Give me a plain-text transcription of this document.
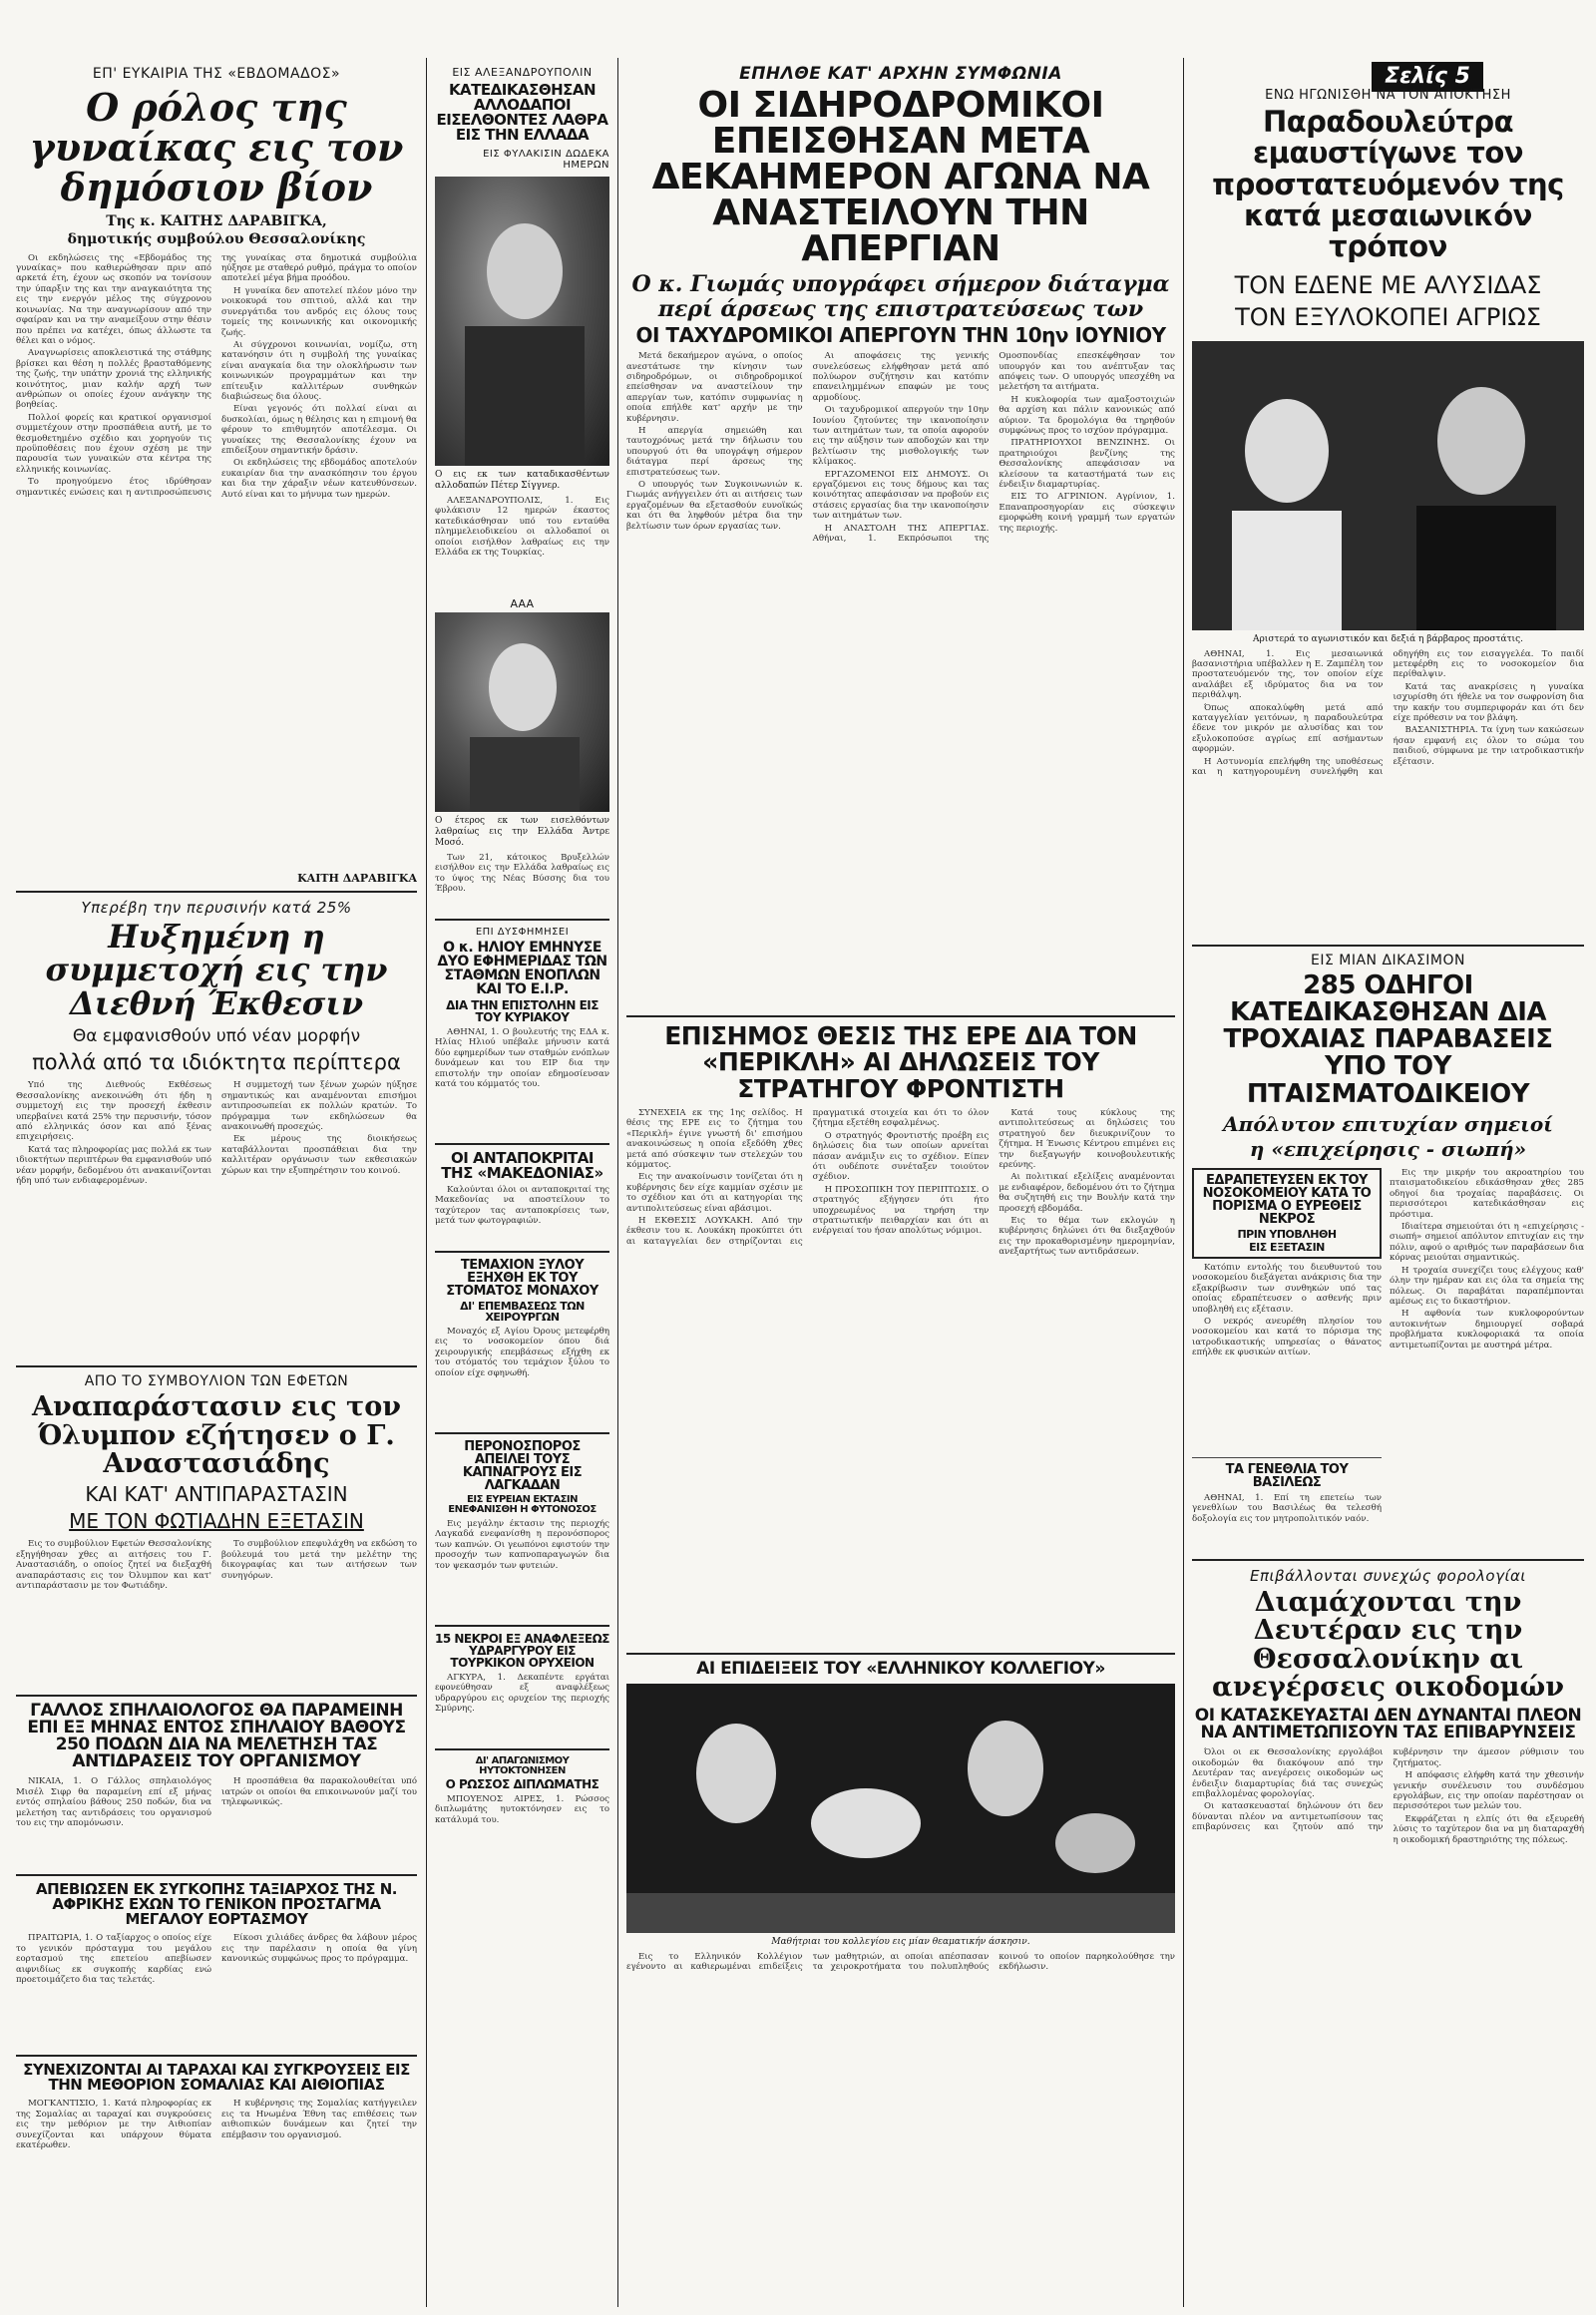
Σελίς 5
ΕΠ' ΕΥΚΑΙΡΙΑ ΤΗΣ «ΕΒΔΟΜΑΔΟΣ»
Ο ρόλος της γυναίκας εις τον δημόσιον βίον
Της κ. ΚΑΙΤΗΣ ΔΑΡΑΒΙΓΚΑ,
δημοτικής συμβούλου Θεσσαλονίκης

Οι εκδηλώσεις της «Εβδομάδος της γυναίκας» που καθιερώθησαν πριν από αρκετά έτη, έχουν ως σκοπόν να τονίσουν την ύπαρξιν της και την αναγκαιότητα της εις την ενεργόν μέλος της σύγχρονου κοινωνίας. Να την αναγνωρίσουν από την σφαίραν και να την αναμείξουν στην θέσιν που πρέπει να κατέχει, όπως άλλωστε τα θέλει και ο νόμος.

Αναγνωρίσεις αποκλειστικά της στάθμης βρίσκει και θέση η πολλές βρασταθόμενης της ζωής, την υπάτην χρονιά της ελληνικής κοινότητος, μιαν καλήν αρχή των ανθρώπων οι οποίες έχουν ανάγκην της βοηθείας.

Πολλοί φορείς και κρατικοί οργανισμοί συμμετέχουν στην προσπάθεια αυτή, με το θεσμοθετημένο σχέδιο και χορηγούν τις προϋποθέσεις που έχουν σχέση με την παρουσία των γυναικών στα κέντρα της ελληνικής κοινωνίας.

Το προηγούμενο έτος ιδρύθησαν σημαντικές ενώσεις και η αντιπροσώπευσις της γυναίκας στα δημοτικά συμβούλια ηύξησε με σταθερό ρυθμό, πράγμα το οποίον αποτελεί μέγα βήμα προόδου.

Η γυναίκα δεν αποτελεί πλέον μόνο την νοικοκυρά του σπιτιού, αλλά και την συνεργάτιδα του ανδρός εις όλους τους τομείς της κοινωνικής και οικονομικής ζωής.

Αι σύγχρονοι κοινωνίαι, νομίζω, στη κατανόησιν ότι η συμβολή της γυναίκας είναι αναγκαία δια την ολοκλήρωσιν των κοινωνικών προγραμμάτων και την επίτευξιν καλλιτέρων συνθηκών διαβιώσεως δια όλους.

Είναι γεγονός ότι πολλαί είναι αι δυσκολίαι, όμως η θέλησις και η επιμονή θα φέρουν το επιθυμητόν αποτέλεσμα. Οι γυναίκες της Θεσσαλονίκης έχουν να επιδείξουν σημαντικήν δράσιν.

Οι εκδηλώσεις της εβδομάδος αποτελούν ευκαιρίαν δια την ανασκόπησιν του έργου και δια την χάραξιν νέων κατευθύνσεων. Αυτό είναι και το μήνυμα των ημερών.

ΚΑΙΤΗ ΔΑΡΑΒΙΓΚΑ
Υπερέβη την περυσινήν κατά 25%
Ηυξημένη η συμμετοχή εις την Διεθνή Έκθεσιν
Θα εμφανισθούν υπό νέαν μορφήν
πολλά από τα ιδιόκτητα περίπτερα

Υπό της Διεθνούς Εκθέσεως Θεσσαλονίκης ανεκοινώθη ότι ήδη η συμμετοχή εις την προσεχή έκθεσιν υπερβαίνει κατά 25% την περυσινήν, τόσον από ελληνικάς όσον και από ξένας επιχειρήσεις.

Κατά τας πληροφορίας μας πολλά εκ των ιδιοκτήτων περιπτέρων θα εμφανισθούν υπό νέαν μορφήν, δεδομένου ότι ανακαινίζονται ήδη υπό των ενδιαφερομένων.

Η συμμετοχή των ξένων χωρών ηύξησε σημαντικώς και αναμένονται επισήμοι αντιπροσωπείαι εκ πολλών κρατών. Το πρόγραμμα των εκδηλώσεων θα ανακοινωθή προσεχώς.

Εκ μέρους της διοικήσεως καταβάλλονται προσπάθειαι δια την καλλιτέραν οργάνωσιν των εκθεσιακών χώρων και την εξυπηρέτησιν του κοινού.

ΑΠΟ ΤΟ ΣΥΜΒΟΥΛΙΟΝ ΤΩΝ ΕΦΕΤΩΝ
Αναπαράστασιν εις τον Όλυμπον εζήτησεν ο Γ. Αναστασιάδης
ΚΑΙ ΚΑΤ' ΑΝΤΙΠΑΡΑΣΤΑΣΙΝ
ΜΕ ΤΟΝ ΦΩΤΙΑΔΗΝ ΕΞΕΤΑΣΙΝ

Εις το συμβούλιον Εφετών Θεσσαλονίκης εξηγήθησαν χθες αι αιτήσεις του Γ. Αναστασιάδη, ο οποίος ζητεί να διεξαχθή αναπαράστασις εις τον Όλυμπον και κατ' αντιπαράστασιν με τον Φωτιάδην.

Το συμβούλιον επεφυλάχθη να εκδώση το βούλευμά του μετά την μελέτην της δικογραφίας και των αιτήσεων των συνηγόρων.

ΓΑΛΛΟΣ ΣΠΗΛΑΙΟΛΟΓΟΣ ΘΑ ΠΑΡΑΜΕΙΝΗ ΕΠΙ ΕΞ ΜΗΝΑΣ ΕΝΤΟΣ ΣΠΗΛΑΙΟΥ ΒΑΘΟΥΣ 250 ΠΟΔΩΝ ΔΙΑ ΝΑ ΜΕΛΕΤΗΣΗ ΤΑΣ ΑΝΤΙΔΡΑΣΕΙΣ ΤΟΥ ΟΡΓΑΝΙΣΜΟΥ

ΝΙΚΑΙΑ, 1. Ο Γάλλος σπηλαιολόγος Μισέλ Σιφρ θα παραμείνη επί εξ μήνας εντός σπηλαίου βάθους 250 ποδών, δια να μελετήση τας αντιδράσεις του οργανισμού του εις την απομόνωσιν.

Η προσπάθεια θα παρακολουθείται υπό ιατρών οι οποίοι θα επικοινωνούν μαζί του τηλεφωνικώς.

ΑΠΕΒΙΩΣΕΝ ΕΚ ΣΥΓΚΟΠΗΣ ΤΑΞΙΑΡΧΟΣ ΤΗΣ Ν. ΑΦΡΙΚΗΣ ΕΧΩΝ ΤΟ ΓΕΝΙΚΟΝ ΠΡΟΣΤΑΓΜΑ ΜΕΓΑΛΟΥ ΕΟΡΤΑΣΜΟΥ

ΠΡΑΙΤΩΡΙΑ, 1. Ο ταξίαρχος ο οποίος είχε το γενικόν πρόσταγμα του μεγάλου εορτασμού της επετείου απεβίωσεν αιφνιδίως εκ συγκοπής καρδίας ενώ προετοιμάζετο δια τας τελετάς.

Είκοσι χιλιάδες άνδρες θα λάβουν μέρος εις την παρέλασιν η οποία θα γίνη κανονικώς συμφώνως προς το πρόγραμμα.

ΣΥΝΕΧΙΖΟΝΤΑΙ ΑΙ ΤΑΡΑΧΑΙ ΚΑΙ ΣΥΓΚΡΟΥΣΕΙΣ ΕΙΣ ΤΗΝ ΜΕΘΟΡΙΟΝ ΣΟΜΑΛΙΑΣ ΚΑΙ ΑΙΘΙΟΠΙΑΣ

ΜΟΓΚΑΝΤΙΣΙΟ, 1. Κατά πληροφορίας εκ της Σομαλίας αι ταραχαί και συγκρούσεις εις την μεθόριον με την Αιθιοπίαν συνεχίζονται και υπάρχουν θύματα εκατέρωθεν.

Η κυβέρνησις της Σομαλίας κατήγγειλεν εις τα Ηνωμένα Έθνη τας επιθέσεις των αιθιοπικών δυνάμεων και ζητεί την επέμβασιν του οργανισμού.

ΕΙΣ ΑΛΕΞΑΝΔΡΟΥΠΟΛΙΝ
ΚΑΤΕΔΙΚΑΣΘΗΣΑΝ ΑΛΛΟΔΑΠΟΙ ΕΙΣΕΛΘΟΝΤΕΣ ΛΑΘΡΑ ΕΙΣ ΤΗΝ ΕΛΛΑΔΑ
ΕΙΣ ΦΥΛΑΚΙΣΙΝ ΔΩΔΕΚΑ ΗΜΕΡΩΝ
Ο εις εκ των καταδικασθέντων αλλοδαπών Πέτερ Σίγγνερ.

ΑΛΕΞΑΝΔΡΟΥΠΟΛΙΣ, 1. Εις φυλάκισιν 12 ημερών έκαστος κατεδικάσθησαν υπό του ενταύθα πλημμελειοδικείου οι αλλοδαποί οι οποίοι εισήλθον λαθραίως εις την Ελλάδα εκ της Τουρκίας.

ΑΑΑ
Ο έτερος εκ των εισελθόντων λαθραίως εις την Ελλάδα Άντρε Μοσό.

Των 21, κάτοικος Βρυξελλών εισήλθον εις την Ελλάδα λαθραίως εις το ύψος της Νέας Βύσσης δια του Έβρου.

ΕΠΙ ΔΥΣΦΗΜΗΣΕΙ
Ο κ. ΗΛΙΟΥ ΕΜΗΝΥΣΕ ΔΥΟ ΕΦΗΜΕΡΙΔΑΣ ΤΩΝ ΣΤΑΘΜΩΝ ΕΝΟΠΛΩΝ ΚΑΙ ΤΟ Ε.Ι.Ρ.
ΔΙΑ ΤΗΝ ΕΠΙΣΤΟΛΗΝ ΕΙΣ ΤΟΥ ΚΥΡΙΑΚΟΥ

ΑΘΗΝΑΙ, 1. Ο βουλευτής της ΕΔΑ κ. Ηλίας Ηλιού υπέβαλε μήνυσιν κατά δύο εφημερίδων των σταθμών ενόπλων δυνάμεων και του ΕΙΡ δια την επιστολήν την οποίαν εδημοσίευσαν κατά του κόμματός του.

ΟΙ ΑΝΤΑΠΟΚΡΙΤΑΙ ΤΗΣ «ΜΑΚΕΔΟΝΙΑΣ»

Καλούνται όλοι οι ανταποκριταί της Μακεδονίας να αποστείλουν το ταχύτερον τας ανταποκρίσεις των, μετά των φωτογραφιών.

ΤΕΜΑΧΙΟΝ ΞΥΛΟΥ ΕΞΗΧΘΗ ΕΚ ΤΟΥ ΣΤΟΜΑΤΟΣ ΜΟΝΑΧΟΥ
ΔΙ' ΕΠΕΜΒΑΣΕΩΣ ΤΩΝ ΧΕΙΡΟΥΡΓΩΝ

Μοναχός εξ Αγίου Όρους μετεφέρθη εις το νοσοκομείον όπου διά χειρουργικής επεμβάσεως εξήχθη εκ του στόματός του τεμάχιον ξύλου το οποίον είχε σφηνωθή.

ΠΕΡΟΝΟΣΠΟΡΟΣ ΑΠΕΙΛΕΙ ΤΟΥΣ ΚΑΠΝΑΓΡΟΥΣ ΕΙΣ ΛΑΓΚΑΔΑΝ
ΕΙΣ ΕΥΡΕΙΑΝ ΕΚΤΑΣΙΝ ΕΝΕΦΑΝΙΣΘΗ Η ΦΥΤΟΝΟΣΟΣ

Εις μεγάλην έκτασιν της περιοχής Λαγκαδά ενεφανίσθη η περονόσπορος των καπνών. Οι γεωπόνοι εφιστούν την προσοχήν των καπνοπαραγωγών δια τον ψεκασμόν των φυτειών.

15 ΝΕΚΡΟΙ ΕΞ ΑΝΑΦΛΕΞΕΩΣ ΥΔΡΑΡΓΥΡΟΥ ΕΙΣ ΤΟΥΡΚΙΚΟΝ ΟΡΥΧΕΙΟΝ

ΑΓΚΥΡΑ, 1. Δεκαπέντε εργάται εφονεύθησαν εξ αναφλέξεως υδραργύρου εις ορυχείον της περιοχής Σμύρνης.

ΔΙ' ΑΠΑΓΩΝΙΣΜΟΥ ΗΥΤΟΚΤΟΝΗΣΕΝ
Ο ΡΩΣΣΟΣ ΔΙΠΛΩΜΑΤΗΣ

ΜΠΟΥΕΝΟΣ ΑΙΡΕΣ, 1. Ρώσσος διπλωμάτης ηυτοκτόνησεν εις το κατάλυμά του.

ΕΠΗΛΘΕ ΚΑΤ' ΑΡΧΗΝ ΣΥΜΦΩΝΙΑ
ΟΙ ΣΙΔΗΡΟΔΡΟΜΙΚΟΙ ΕΠΕΙΣΘΗΣΑΝ ΜΕΤΑ ΔΕΚΑΗΜΕΡΟΝ ΑΓΩΝΑ ΝΑ ΑΝΑΣΤΕΙΛΟΥΝ ΤΗΝ ΑΠΕΡΓΙΑΝ
Ο κ. Γιωμάς υπογράφει σήμερον διάταγμα
περί άρσεως της επιστρατεύσεως των
ΟΙ ΤΑΧΥΔΡΟΜΙΚΟΙ ΑΠΕΡΓΟΥΝ ΤΗΝ 10ην ΙΟΥΝΙΟΥ

Μετά δεκαήμερον αγώνα, ο οποίος ανεστάτωσε την κίνησιν των σιδηροδρόμων, οι σιδηροδρομικοί επείσθησαν να αναστείλουν την απεργίαν των, κατόπιν συμφωνίας η οποία επήλθε κατ' αρχήν με την κυβέρνησιν.

Η απεργία σημειώθη και ταυτοχρόνως μετά την δήλωσιν του υπουργού ότι θα υπογράψη σήμερον διάταγμα περί άρσεως της επιστρατεύσεως των.

Ο υπουργός των Συγκοινωνιών κ. Γιωμάς ανήγγειλεν ότι αι αιτήσεις των εργαζομένων θα εξετασθούν ευνοϊκώς και ότι θα ληφθούν μέτρα δια την βελτίωσιν των όρων εργασίας των.

Αι αποφάσεις της γενικής συνελεύσεως ελήφθησαν μετά από πολύωρον συζήτησιν και κατόπιν επανειλημμένων επαφών με τους αρμοδίους.

Οι ταχυδρομικοί απεργούν την 10ην Ιουνίου ζητούντες την ικανοποίησιν των αιτημάτων των, τα οποία αφορούν εις την αύξησιν των αποδοχών και την βελτίωσιν της μισθολογικής των κλίμακος.

ΕΡΓΑΖΟΜΕΝΟΙ ΕΙΣ ΔΗΜΟΥΣ. Οι εργαζόμενοι εις τους δήμους και τας κοινότητας απεφάσισαν να προβούν εις στάσεις εργασίας δια την ικανοποίησιν των αιτημάτων των.

Η ΑΝΑΣΤΟΛΗ ΤΗΣ ΑΠΕΡΓΙΑΣ. Αθήναι, 1. Εκπρόσωποι της Ομοσπονδίας επεσκέφθησαν τον υπουργόν και του ανέπτυξαν τας απόψεις των. Ο υπουργός υπεσχέθη να μελετήση τα αιτήματα.

Η κυκλοφορία των αμαξοστοιχιών θα αρχίση και πάλιν κανονικώς από αύριον. Τα δρομολόγια θα τηρηθούν συμφώνως προς το ισχύον πρόγραμμα.

ΠΡΑΤΗΡΙΟΥΧΟΙ ΒΕΝΖΙΝΗΣ. Οι πρατηριούχοι βενζίνης της Θεσσαλονίκης απεφάσισαν να κλείσουν τα καταστήματά των εις ένδειξιν διαμαρτυρίας.

ΕΙΣ ΤΟ ΑΓΡΙΝΙΟΝ. Αγρίνιον, 1. Επαναπροσηγορίαν εις σύσκεψιν εμορφώθη κοινή γραμμή των εργατών της περιοχής.

ΕΠΙΣΗΜΟΣ ΘΕΣΙΣ ΤΗΣ ΕΡΕ ΔΙΑ ΤΟΝ «ΠΕΡΙΚΛΗ» ΑΙ ΔΗΛΩΣΕΙΣ ΤΟΥ ΣΤΡΑΤΗΓΟΥ ΦΡΟΝΤΙΣΤΗ

ΣΥΝΕΧΕΙΑ εκ της 1ης σελίδος. Η θέσις της ΕΡΕ εις το ζήτημα του «Περικλή» έγινε γνωστή δι' επισήμου ανακοινώσεως η οποία εξεδόθη χθες μετά από σύσκεψιν των στελεχών του κόμματος.

Εις την ανακοίνωσιν τονίζεται ότι η κυβέρνησις δεν είχε καμμίαν σχέσιν με το σχέδιον και ότι αι κατηγορίαι της αντιπολιτεύσεως είναι αβάσιμοι.

Η ΕΚΘΕΣΙΣ ΛΟΥΚΑΚΗ. Από την έκθεσιν του κ. Λουκάκη προκύπτει ότι αι καταγγελίαι δεν στηρίζονται εις πραγματικά στοιχεία και ότι το όλον ζήτημα εξετέθη εσφαλμένως.

Ο στρατηγός Φροντιστής προέβη εις δηλώσεις δια των οποίων αρνείται πάσαν ανάμιξιν εις το σχέδιον. Είπεν ότι ουδέποτε συνέταξεν τοιούτον σχέδιον.

Η ΠΡΟΣΩΠΙΚΗ ΤΟΥ ΠΕΡΙΠΤΩΣΙΣ. Ο στρατηγός εξήγησεν ότι ήτο υποχρεωμένος να τηρήση την στρατιωτικήν πειθαρχίαν και ότι αι ενέργειαί του ήσαν απολύτως νόμιμοι.

Κατά τους κύκλους της αντιπολιτεύσεως αι δηλώσεις του στρατηγού δεν διευκρινίζουν το ζήτημα. Η Ένωσις Κέντρου επιμένει εις την διεξαγωγήν κοινοβουλευτικής ερεύνης.

Αι πολιτικαί εξελίξεις αναμένονται με ενδιαφέρον, δεδομένου ότι το ζήτημα θα συζητηθή εις την Βουλήν κατά την προσεχή εβδομάδα.

Εις το θέμα των εκλογών η κυβέρνησις δηλώνει ότι θα διεξαχθούν εις την προκαθορισμένην ημερομηνίαν, ανεξαρτήτως των αντιδράσεων.

ΑΙ ΕΠΙΔΕΙΞΕΙΣ ΤΟΥ «ΕΛΛΗΝΙΚΟΥ ΚΟΛΛΕΓΙΟΥ»
Μαθήτριαι του κολλεγίου εις μίαν θεαματικήν άσκησιν.

Εις το Ελληνικόν Κολλέγιον εγένοντο αι καθιερωμέναι επιδείξεις των μαθητριών, αι οποίαι απέσπασαν τα χειροκροτήματα του πολυπληθούς κοινού το οποίον παρηκολούθησε την εκδήλωσιν.

ΕΝΩ ΗΓΩΝΙΣΘΗ ΝΑ ΤΟΝ ΑΠΟΚΤΗΣΗ
Παραδουλεύτρα εμαυστίγωνε τον προστατευόμενόν της κατά μεσαιωνικόν τρόπον
ΤΟΝ ΕΔΕΝΕ ΜΕ ΑΛΥΣΙΔΑΣ
ΤΟΝ ΕΞΥΛΟΚΟΠΕΙ ΑΓΡΙΩΣ
Αριστερά το αγωνιστικόν και δεξιά η βάρβαρος προστάτις.

ΑΘΗΝΑΙ, 1. Εις μεσαιωνικά βασανιστήρια υπέβαλλεν η Ε. Ζαμπέλη τον προστατευόμενόν της, τον οποίον είχε αναλάβει εξ ιδρύματος δια να τον περιθάλψη.

Όπως αποκαλύφθη μετά από καταγγελίαν γειτόνων, η παραδουλεύτρα έδενε τον μικρόν με αλυσίδας και τον εξυλοκοπούσε αγρίως επί ασήμαντων αφορμών.

Η Αστυνομία επελήφθη της υποθέσεως και η κατηγορουμένη συνελήφθη και οδηγήθη εις τον εισαγγελέα. Το παιδί μετεφέρθη εις το νοσοκομείον δια περίθαλψιν.

Κατά τας ανακρίσεις η γυναίκα ισχυρίσθη ότι ήθελε να τον σωφρονίση δια την κακήν του συμπεριφοράν και ότι δεν είχε πρόθεσιν να τον βλάψη.

ΒΑΣΑΝΙΣΤΗΡΙΑ. Τα ίχνη των κακώσεων ήσαν εμφανή εις όλον το σώμα του παιδιού, σύμφωνα με την ιατροδικαστικήν εξέτασιν.

ΕΙΣ ΜΙΑΝ ΔΙΚΑΣΙΜΟΝ
285 ΟΔΗΓΟΙ ΚΑΤΕΔΙΚΑΣΘΗΣΑΝ ΔΙΑ ΤΡΟΧΑΙΑΣ ΠΑΡΑΒΑΣΕΙΣ ΥΠΟ ΤΟΥ ΠΤΑΙΣΜΑΤΟΔΙΚΕΙΟΥ
Απόλυτον επιτυχίαν σημειοί
η «επιχείρησις - σιωπή»
ΕΔΡΑΠΕΤΕΥΣΕΝ ΕΚ ΤΟΥ ΝΟΣΟΚΟΜΕΙΟΥ ΚΑΤΑ ΤΟ ΠΟΡΙΣΜΑ Ο ΕΥΡΕΘΕΙΣ ΝΕΚΡΟΣ
ΠΡΙΝ ΥΠΟΒΛΗΘΗ
ΕΙΣ ΕΞΕΤΑΣΙΝ

Κατόπιν εντολής του διευθυντού του νοσοκομείου διεξάγεται ανάκρισις δια την εξακρίβωσιν των συνθηκών υπό τας οποίας εδραπέτευσεν ο ασθενής πριν υποβληθή εις εξέτασιν.

Ο νεκρός ανευρέθη πλησίον του νοσοκομείου και κατά το πόρισμα της ιατροδικαστικής υπηρεσίας ο θάνατος επήλθε εκ φυσικών αιτίων.

ΤΑ ΓΕΝΕΘΛΙΑ ΤΟΥ ΒΑΣΙΛΕΩΣ

ΑΘΗΝΑΙ, 1. Επί τη επετείω των γενεθλίων του Βασιλέως θα τελεσθή δοξολογία εις τον μητροπολιτικόν ναόν.

Εις την μικρήν του ακροατηρίου του πταισματοδικείου εδικάσθησαν χθες 285 οδηγοί δια τροχαίας παραβάσεις. Οι περισσότεροι κατεδικάσθησαν εις πρόστιμα.

Ιδιαίτερα σημειούται ότι η «επιχείρησις - σιωπή» σημειοί απόλυτον επιτυχίαν εις την πόλιν, αφού ο αριθμός των παραβάσεων δια κόρνας μειούται σημαντικώς.

Η τροχαία συνεχίζει τους ελέγχους καθ' όλην την ημέραν και εις όλα τα σημεία της πόλεως. Οι παραβάται παραπέμπονται αμέσως εις το δικαστήριον.

Η αφθονία των κυκλοφορούντων αυτοκινήτων δημιουργεί σοβαρά προβλήματα κυκλοφοριακά τα οποία αντιμετωπίζονται με αυστηρά μέτρα.

Επιβάλλονται συνεχώς φορολογίαι
Διαμάχονται την Δευτέραν εις την Θεσσαλονίκην αι ανεγέρσεις οικοδομών
ΟΙ ΚΑΤΑΣΚΕΥΑΣΤΑΙ ΔΕΝ ΔΥΝΑΝΤΑΙ ΠΛΕΟΝ ΝΑ ΑΝΤΙΜΕΤΩΠΙΣΟΥΝ ΤΑΣ ΕΠΙΒΑΡΥΝΣΕΙΣ

Όλοι οι εκ Θεσσαλονίκης εργολάβοι οικοδομών θα διακόψουν από την Δευτέραν τας ανεγέρσεις οικοδομών ως ένδειξιν διαμαρτυρίας διά τας συνεχώς επιβαλλομένας φορολογίας.

Οι κατασκευασταί δηλώνουν ότι δεν δύνανται πλέον να αντιμετωπίσουν τας επιβαρύνσεις και ζητούν από την κυβέρνησιν την άμεσον ρύθμισιν του ζητήματος.

Η απόφασις ελήφθη κατά την χθεσινήν γενικήν συνέλευσιν του συνδέσμου εργολάβων, εις την οποίαν παρέστησαν οι περισσότεροι των μελών του.

Εκφράζεται η ελπίς ότι θα εξευρεθή λύσις το ταχύτερον δια να μη διαταραχθή η οικοδομική δραστηριότης της πόλεως.
